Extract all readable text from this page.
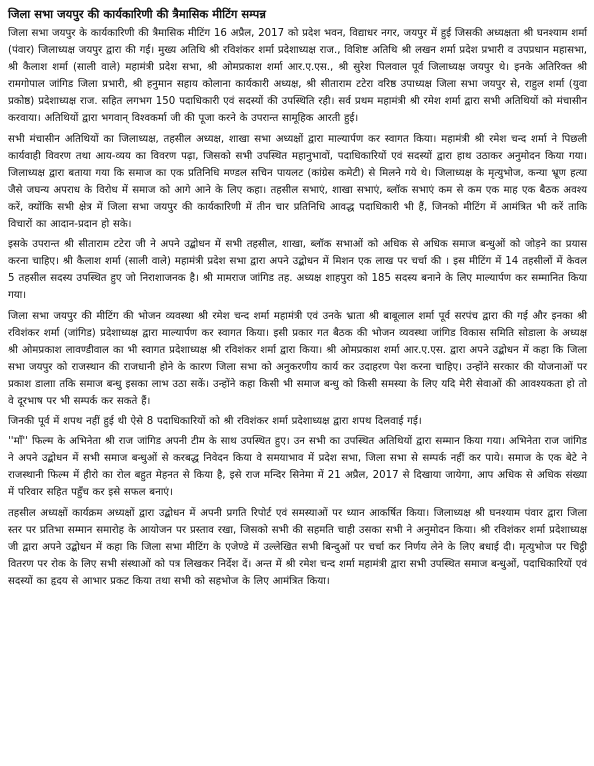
जिला सभा जयपुर की कार्यकारिणी की त्रैमासिक मीटिंग सम्पन्न

जिला सभा जयपुर के कार्यकारिणी की त्रैमासिक मीटिंग 16 अप्रैल, 2017 को प्रदेश भवन, विद्याधर नगर, जयपुर में हुई जिसकी अध्यक्षता श्री घनश्याम शर्मा (पंवार) जिलाध्यक्ष जयपुर द्वारा की गई। मुख्य अतिथि श्री रविशंकर शर्मा प्रदेशाध्यक्ष राज., विशिष्ट अतिथि श्री लखन शर्मा प्रदेश प्रभारी व उपप्रधान महासभा, श्री कैलाश शर्मा (साली वाले) महामंत्री प्रदेश सभा, श्री ओमप्रकाश शर्मा आर.ए.एस., श्री सुरेश पिलवाल पूर्व जिलाध्यक्ष जयपुर थे। इनके अतिरिक्त श्री रामगोपाल जांगिड जिला प्रभारी, श्री हनुमान सहाय कोलाना कार्यकारी अध्यक्ष, श्री सीताराम टटेरा वरिष्ठ उपाध्यक्ष जिला सभा जयपुर से, राहुल शर्मा (युवा प्रकोष्ठ) प्रदेशाध्यक्ष राज. सहित लगभग 150 पदाधिकारी एवं सदस्यों की उपस्थिति रही। सर्व प्रथम महामंत्री श्री रमेश शर्मा द्वारा सभी अतिथियों को मंचासीन करवाया। अतिथियों द्वारा भगवान् विश्वकर्मा जी की पूजा करने के उपरान्त सामूहिक आरती हुई।

सभी मंचासीन अतिथियों का जिलाध्यक्ष, तहसील अध्यक्ष, शाखा सभा अध्यक्षों द्वारा माल्यार्पण कर स्वागत किया। महामंत्री श्री रमेश चन्द शर्मा ने पिछली कार्यवाही विवरण तथा आय-व्यय का विवरण पढ़ा, जिसको सभी उपस्थित महानुभावों, पदाधिकारियों एवं सदस्यों द्वारा हाथ उठाकर अनुमोदन किया गया। जिलाध्यक्ष द्वारा बताया गया कि समाज का एक प्रतिनिधि मण्डल सचिन पायलट (कांग्रेस कमेटी) से मिलने गये थे। जिलाध्यक्ष के मृत्युभोज, कन्या भ्रूण हत्या जैसे जघन्य अपराध के विरोध में समाज को आगे आने के लिए कहा। तहसील सभाएं, शाखा सभाएं, ब्लॉक सभाएं कम से कम एक माह एक बैठक अवश्य करें, क्योंकि सभी क्षेत्र में जिला सभा जयपुर की कार्यकारिणी में तीन चार प्रतिनिधि आवद्ध पदाधिकारी भी हैं, जिनको मीटिंग में आमंत्रित भी करें ताकि विचारों का आदान-प्रदान हो सके।

इसके उपरान्त श्री सीताराम टटेरा जी ने अपने उद्बोधन में सभी तहसील, शाखा, ब्लॉक सभाओं को अधिक से अधिक समाज बन्धुओं को जोड़ने का प्रयास करना चाहिए। श्री कैलाश शर्मा (साली वाले) महामंत्री प्रदेश सभा द्वारा अपने उद्बोधन में मिशन एक लाख पर चर्चा की । इस मीटिंग में 14 तहसीलों में केवल 5 तहसील सदस्य उपस्थित हुए जो निराशाजनक है। श्री मामराज जांगिड तह. अध्यक्ष शाहपुरा को 185 सदस्य बनाने के लिए माल्यार्पण कर सम्मानित किया गया।

जिला सभा जयपुर की मीटिंग की भोजन व्यवस्था श्री रमेश चन्द शर्मा महामंत्री एवं उनके भ्राता श्री बाबूलाल शर्मा पूर्व सरपंच द्वारा की गई और इनका श्री रविशंकर शर्मा (जांगिड) प्रदेशाध्यक्ष द्वारा माल्यार्पण कर स्वागत किया। इसी प्रकार गत बैठक की भोजन व्यवस्था जांगिड विकास समिति सोडाला के अध्यक्ष श्री ओमप्रकाश लावण्डीवाल का भी स्वागत प्रदेशाध्यक्ष श्री रविशंकर शर्मा द्वारा किया। श्री ओमप्रकाश शर्मा आर.ए.एस. द्वारा अपने उद्बोधन में कहा कि जिला सभा जयपुर को राजस्थान की राजधानी होने के कारण जिला सभा को अनुकरणीय कार्य कर उदाहरण पेश करना चाहिए। उन्होंने सरकार की योजनाओं पर प्रकाश डालाा तकि समाज बन्धु इसका लाभ उठा सकें। उन्होंने कहा किसी भी समाज बन्धु को किसी समस्या के लिए यदि मेरी सेवाओं की आवश्यकता हो तो वे दूरभाष पर भी सम्पर्क कर सकते हैं।

जिनकी पूर्व में शपथ नहीं हुई थी ऐसे 8 पदाधिकारियों को श्री रविशंकर शर्मा प्रदेशाध्यक्ष द्वारा शपथ दिलवाई गई।

''माँ'' फिल्म के अभिनेता श्री राज जांगिड अपनी टीम के साथ उपस्थित हुए। उन सभी का उपस्थित अतिथियों द्वारा सम्मान किया गया। अभिनेता राज जांगिड ने अपने उद्बोधन में सभी समाज बन्धुओं से करबद्ध निवेदन किया वे समयाभाव में प्रदेश सभा, जिला सभा से सम्पर्क नहीं कर पाये। समाज के एक बेटे ने राजस्थानी फिल्म में हीरो का रोल बहुत मेहनत से किया है, इसे राज मन्दिर सिनेमा में 21 अप्रैल, 2017 से दिखाया जायेगा, आप अधिक से अधिक संख्या में परिवार सहित पहुँच कर इसे सफल बनाएं।

तहसील अध्यक्षों कार्यक्रम अध्यक्षों द्वारा उद्बोधन में अपनी प्रगति रिपोर्ट एवं समस्याओं पर ध्यान आकर्षित किया। जिलाध्यक्ष श्री घनश्याम पंवार द्वारा जिला स्तर पर प्रतिभा सम्मान समारोह के आयोजन पर प्रस्ताव रखा, जिसको सभी की सहमति चाही उसका सभी ने अनुमोदन किया। श्री रविशंकर शर्मा प्रदेशाध्यक्ष जी द्वारा अपने उद्बोधन में कहा कि जिला सभा मीटिंग के एजेण्डे में उल्लेखित सभी बिन्दुओं पर चर्चा कर निर्णय लेने के लिए बधाई दी। मृत्युभोज पर चिट्ठी वितरण पर रोक के लिए सभी संस्थाओं को पत्र लिखकर निर्देश दें। अन्त में श्री रमेश चन्द शर्मा महामंत्री द्वारा सभी उपस्थित समाज बन्धुओं, पदाधिकारियों एवं सदस्यों का हृदय से आभार प्रकट किया तथा सभी को सहभोज के लिए आमंत्रित किया।
